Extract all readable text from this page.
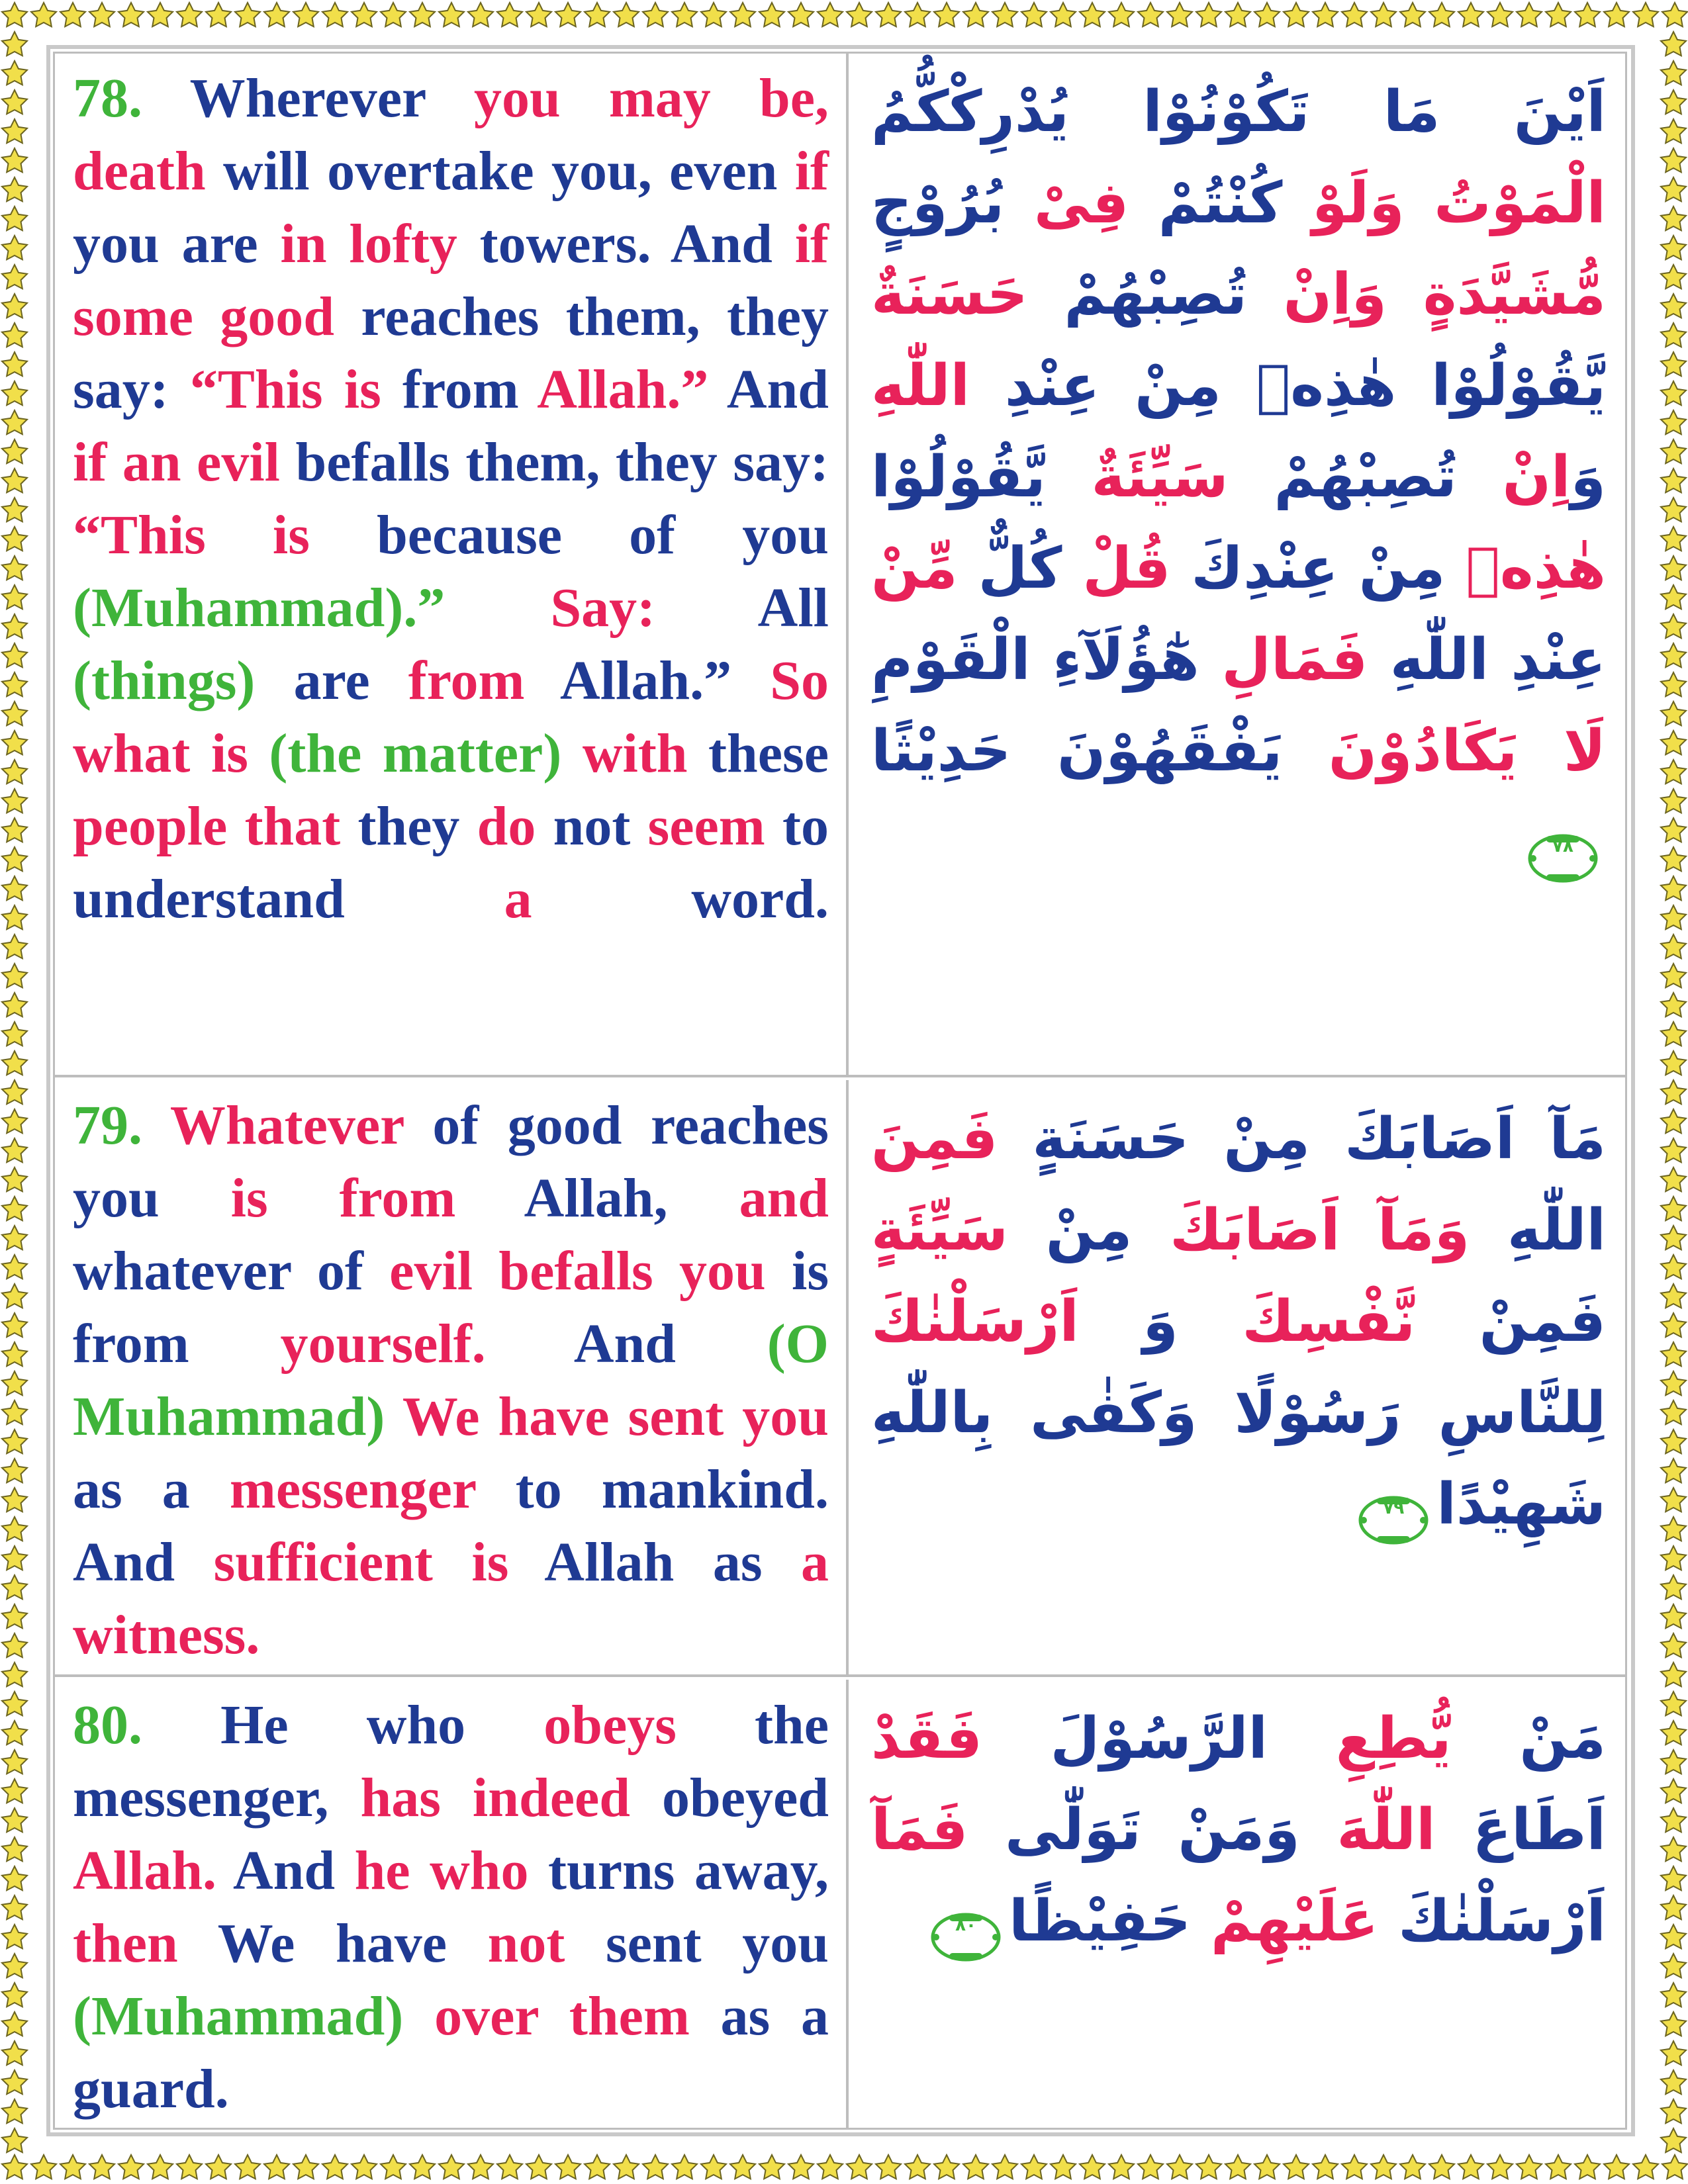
78. Wherever you may be, death will overtake you, even if you are in lofty towers. And if some good reaches them, they say: “This is from Allah.” And if an evil befalls them, they say: “This is because of you (Muhammad).” Say: All (things) are from Allah.” So what is (the matter) with these people that they do not seem to understand a word.
اَيْنَ مَا تَكُوْنُوْا يُدْرِكْكُّمُ الْمَوْتُ وَلَوْ كُنْتُمْ فِىْ بُرُوْجٍ مُّشَيَّدَةٍ وَاِنْ تُصِبْهُمْ حَسَنَةٌ يَّقُوْلُوْا هٰذِهٖ مِنْ عِنْدِ اللّٰهِ وَاِنْ تُصِبْهُمْ سَيِّئَةٌ يَّقُوْلُوْا هٰذِهٖ مِنْ عِنْدِكَ قُلْ كُلٌّ مِّنْ عِنْدِ اللّٰهِ فَمَالِ هٰٓؤُلَآءِ الْقَوْمِ لَا يَكَادُوْنَ يَفْقَهُوْنَ حَدِيْثًا
٧٨
79. Whatever of good reaches you is from Allah, and whatever of evil befalls you is from yourself. And (O Muhammad) We have sent you as a messenger to mankind. And sufficient is Allah as a witness.
مَآ اَصَابَكَ مِنْ حَسَنَةٍ فَمِنَ اللّٰهِ وَمَآ اَصَابَكَ مِنْ سَيِّئَةٍ فَمِنْ نَّفْسِكَ وَ اَرْسَلْنٰكَ لِلنَّاسِ رَسُوْلًا وَكَفٰى بِاللّٰهِ شَهِيْدًا
٧٩
80. He who obeys the messenger, has indeed obeyed Allah. And he who turns away, then We have not sent you (Muhammad) over them as a guard.
مَنْ يُّطِعِ الرَّسُوْلَ فَقَدْ اَطَاعَ اللّٰهَ وَمَنْ تَوَلّٰى فَمَآ اَرْسَلْنٰكَ عَلَيْهِمْ حَفِيْظًا
٨٠
